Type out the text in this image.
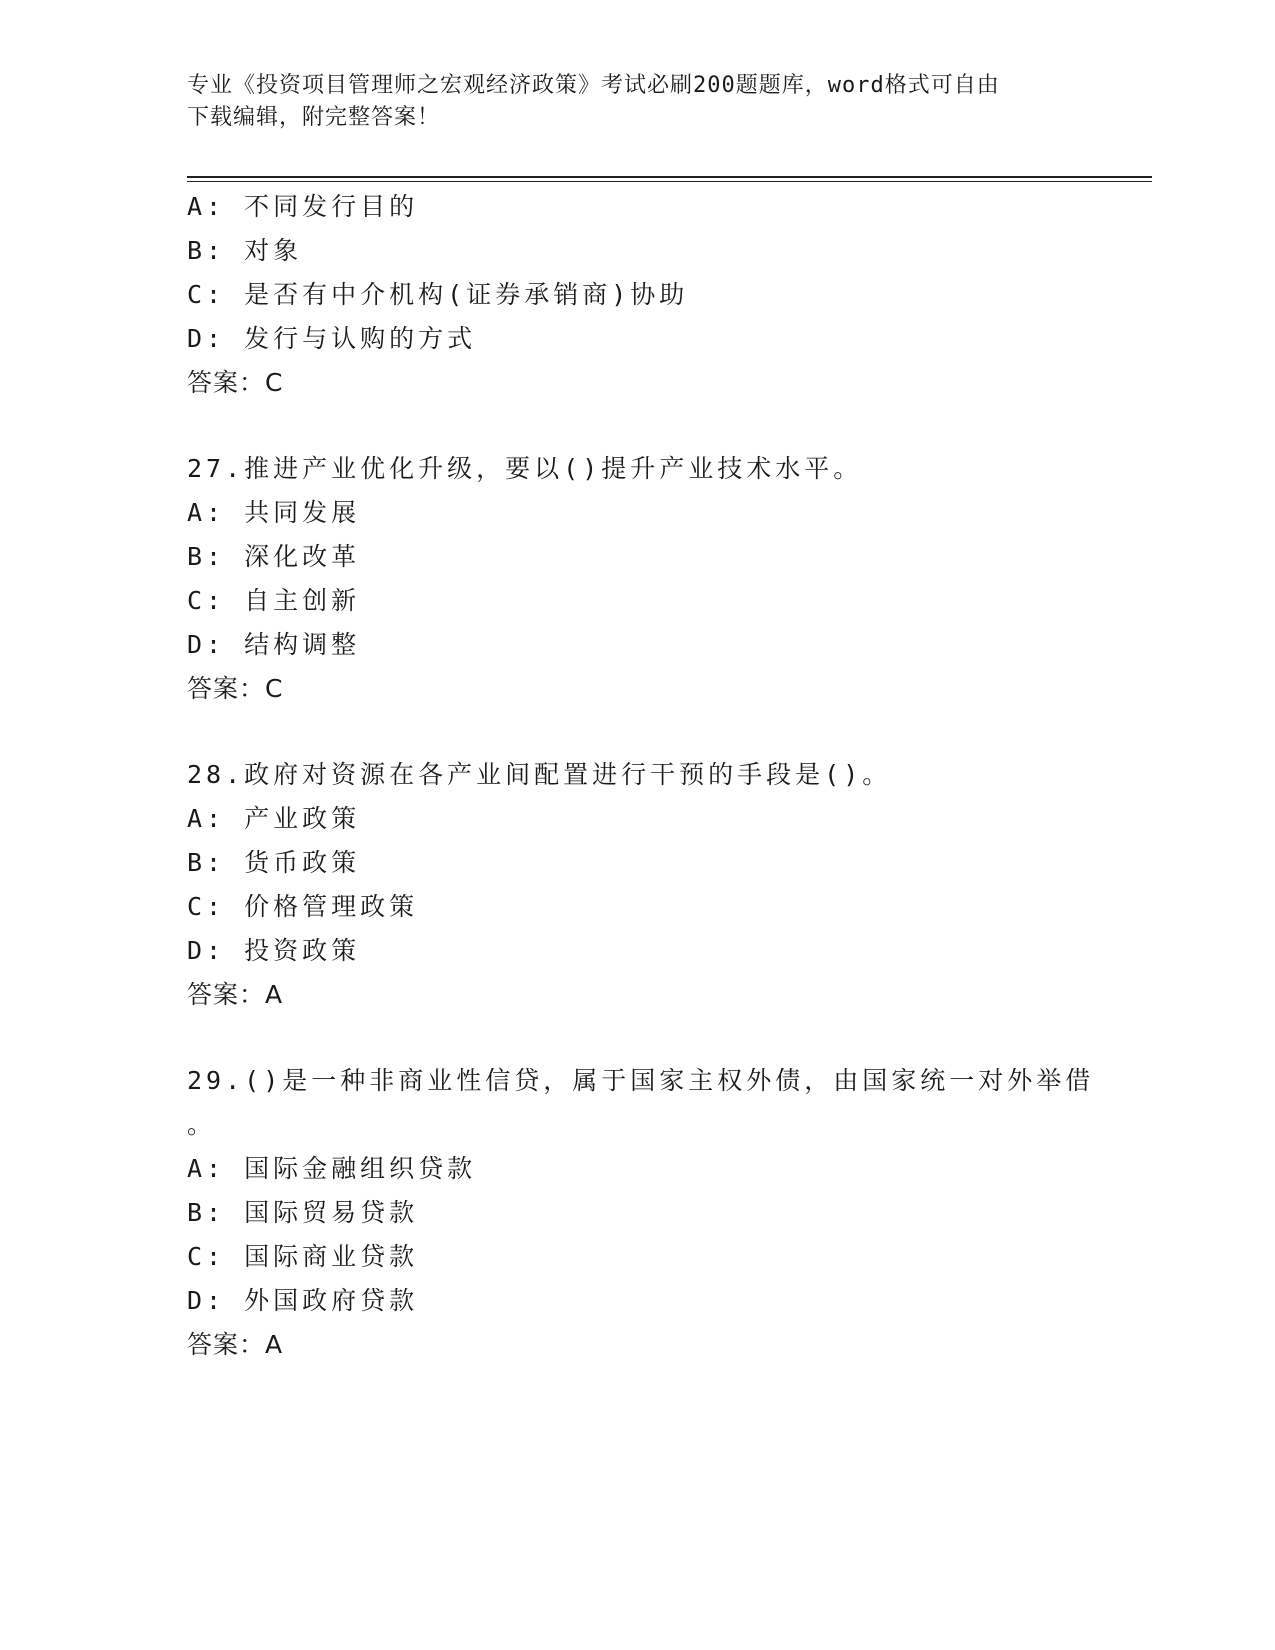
专业《投资项目管理师之宏观经济政策》考试必刷200题题库，word格式可自由
下载编辑，附完整答案！
A: 不同发行目的
B: 对象
C: 是否有中介机构(证券承销商)协助
D: 发行与认购的方式
答案：C
27.推进产业优化升级，要以()提升产业技术水平。
A: 共同发展
B: 深化改革
C: 自主创新
D: 结构调整
答案：C
28.政府对资源在各产业间配置进行干预的手段是()。
A: 产业政策
B: 货币政策
C: 价格管理政策
D: 投资政策
答案：A
29.()是一种非商业性信贷，属于国家主权外债，由国家统一对外举借
。
A: 国际金融组织贷款
B: 国际贸易贷款
C: 国际商业贷款
D: 外国政府贷款
答案：A
